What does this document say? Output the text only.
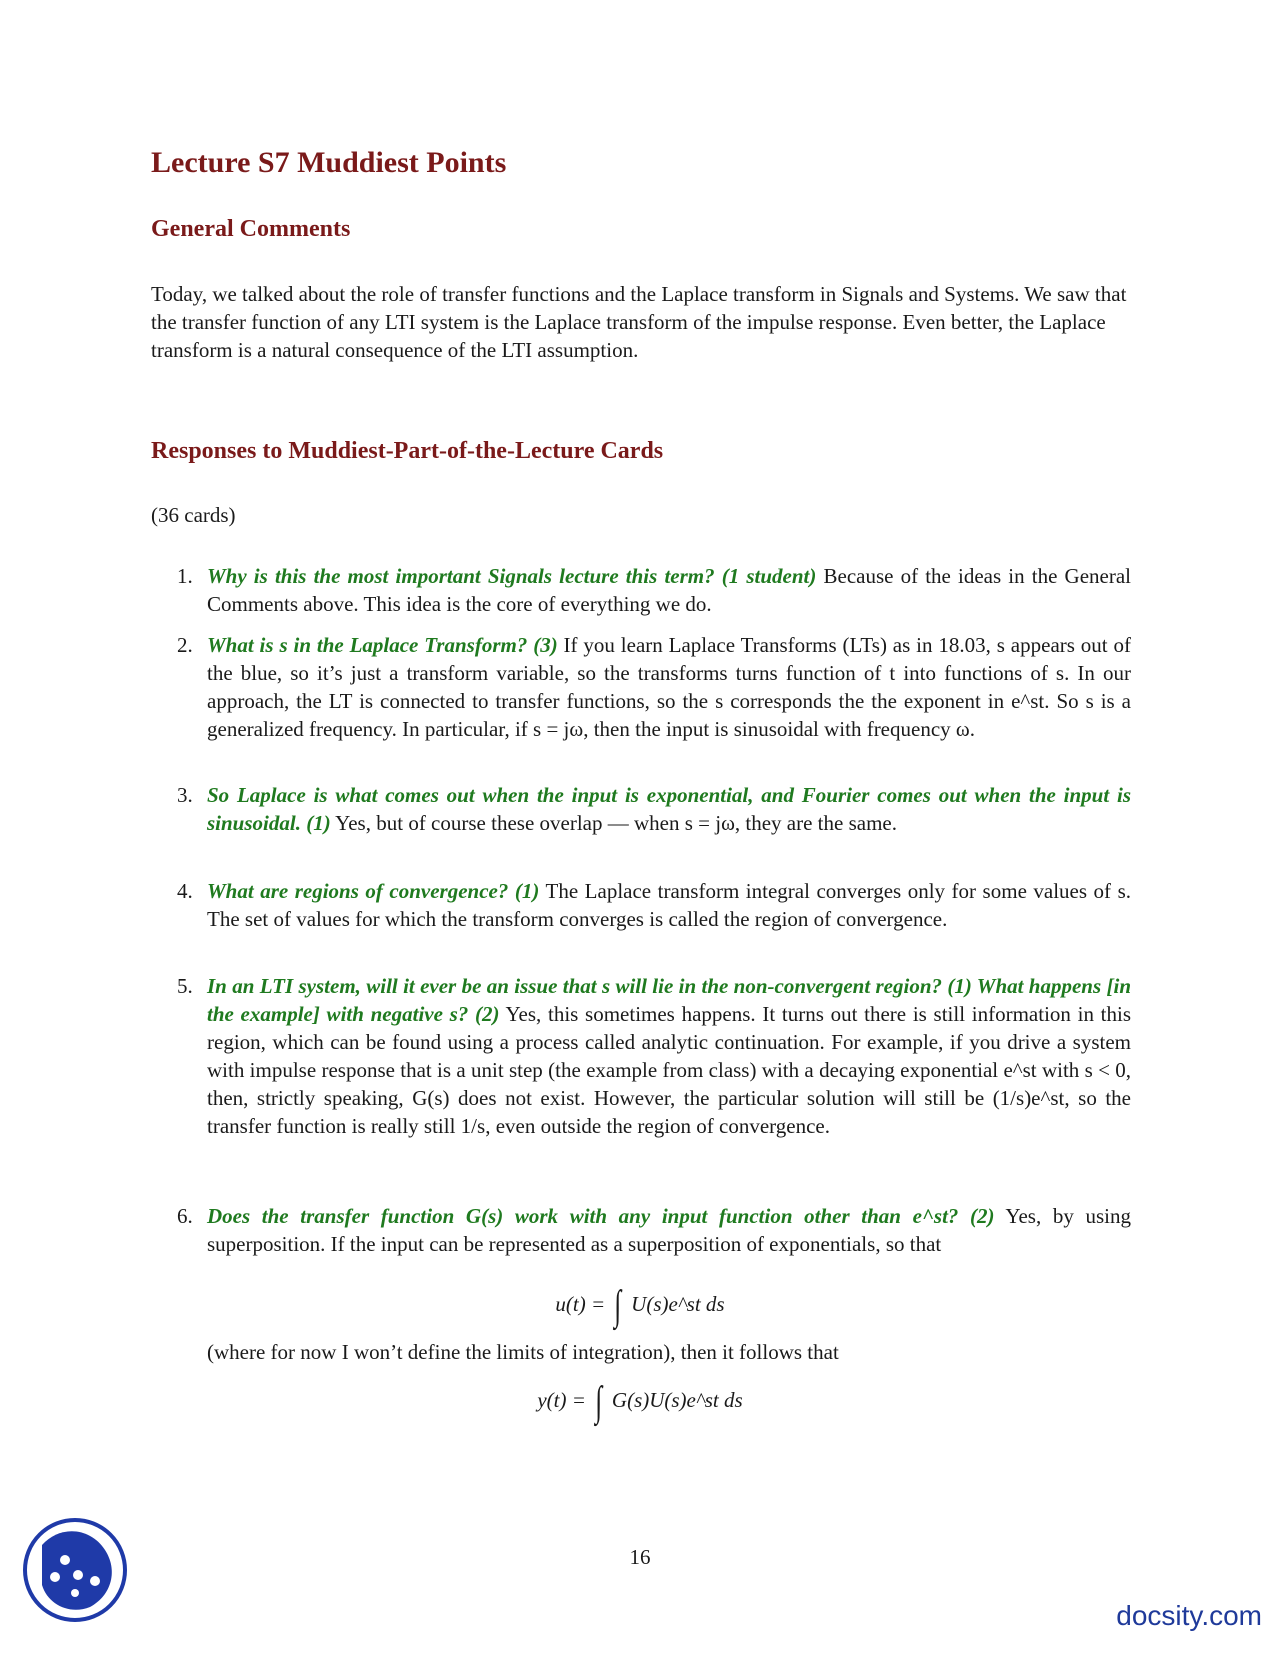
Lecture S7 Muddiest Points
General Comments

Today, we talked about the role of transfer functions and the Laplace transform in Signals and Systems. We saw that the transfer function of any LTI system is the Laplace transform of the impulse response. Even better, the Laplace transform is a natural consequence of the LTI assumption.

Responses to Muddiest-Part-of-the-Lecture Cards

(36 cards)

1. Why is this the most important Signals lecture this term? (1 student) Because of the ideas in the General Comments above. This idea is the core of everything we do.
2. What is s in the Laplace Transform? (3) If you learn Laplace Transforms (LTs) as in 18.03, s appears out of the blue, so it’s just a transform variable, so the transforms turns function of t into functions of s. In our approach, the LT is connected to transfer functions, so the s corresponds the the exponent in e^st. So s is a generalized frequency. In particular, if s = jω, then the input is sinusoidal with frequency ω.
3. So Laplace is what comes out when the input is exponential, and Fourier comes out when the input is sinusoidal. (1) Yes, but of course these overlap — when s = jω, they are the same.
4. What are regions of convergence? (1) The Laplace transform integral converges only for some values of s. The set of values for which the transform converges is called the region of convergence.
5. In an LTI system, will it ever be an issue that s will lie in the non-convergent region? (1) What happens [in the example] with negative s? (2) Yes, this sometimes happens. It turns out there is still information in this region, which can be found using a process called analytic continuation. For example, if you drive a system with impulse response that is a unit step (the example from class) with a decaying exponential e^st with s < 0, then, strictly speaking, G(s) does not exist. However, the particular solution will still be (1/s)e^st, so the transfer function is really still 1/s, even outside the region of convergence.
6. Does the transfer function G(s) work with any input function other than e^st? (2) Yes, by using superposition. If the input can be represented as a superposition of exponentials, so that
u(t) = ∫ U(s)e^st ds
(where for now I won’t define the limits of integration), then it follows that
y(t) = ∫ G(s)U(s)e^st ds
16
docsity.com
